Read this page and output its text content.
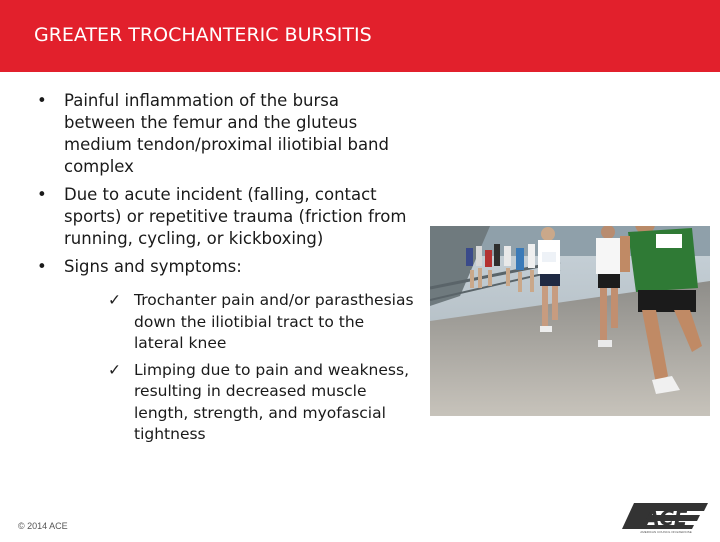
GREATER TROCHANTERIC BURSITIS
•	Painful inflammation of the bursa between the femur and the gluteus medium tendon/proximal iliotibial band complex
•	Due to acute incident (falling, contact sports) or repetitive trauma (friction from running, cycling, or kickboxing)
•	Signs and symptoms:
✓ Trochanter pain and/or parasthesias down the iliotibial tract to the lateral knee
✓ Limping due to pain and weakness, resulting in decreased muscle length, strength, and myofascial tightness
© 2014 ACE	ACE
AMERICAN COUNCIL ON EXERCISE
